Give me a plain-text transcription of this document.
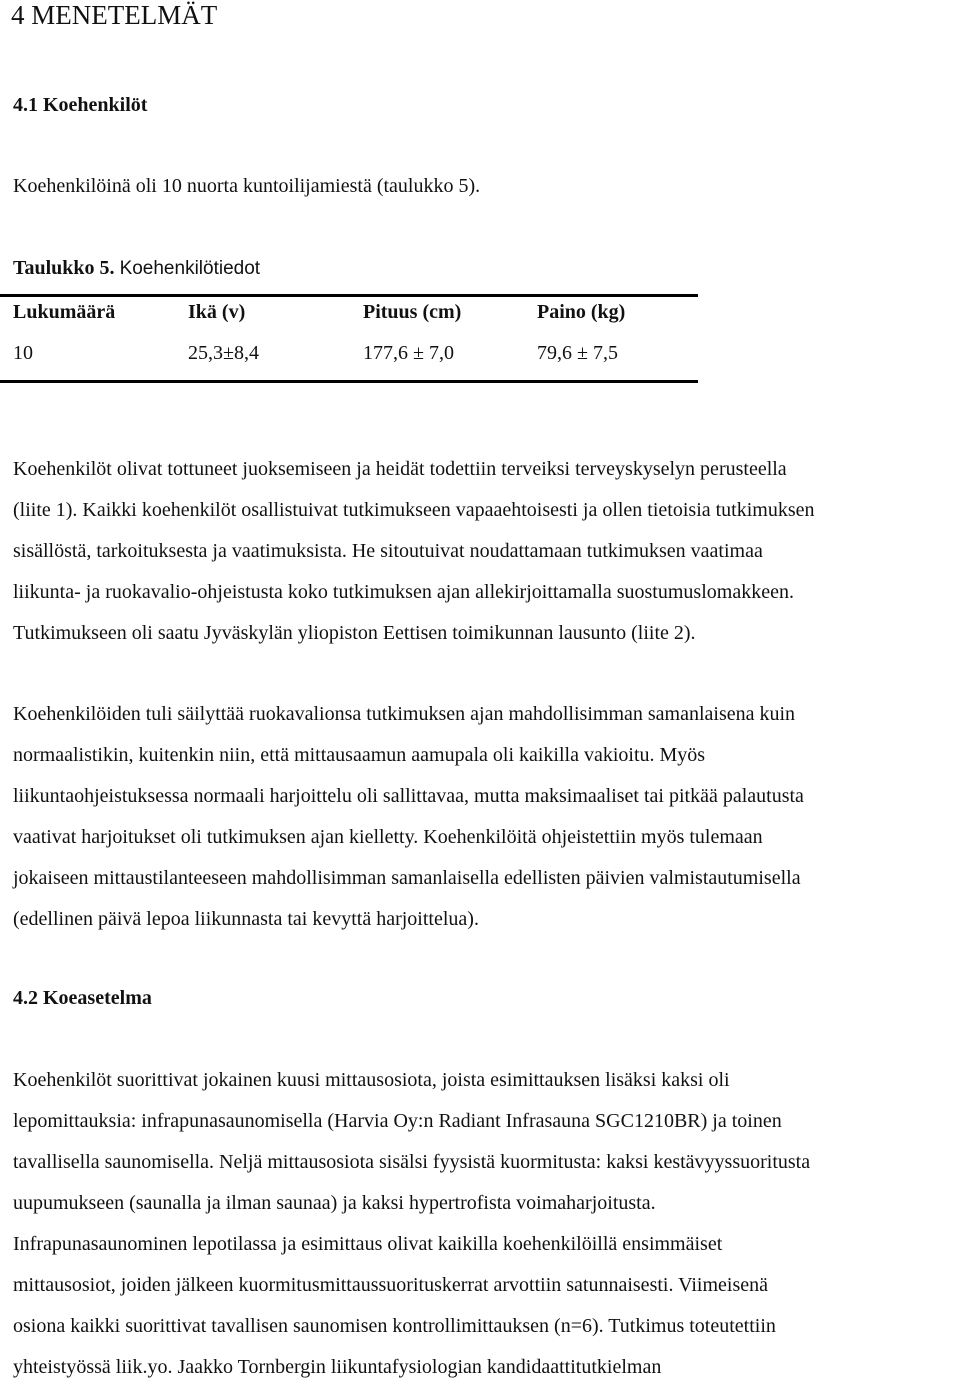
4 MENETELMÄT
4.1 Koehenkilöt

Koehenkilöinä oli 10 nuorta kuntoilijamiestä (taulukko 5).

Taulukko 5. Koehenkilötiedot
Lukumäärä	Ikä (v)	Pituus (cm)	Paino (kg)
10	25,3±8,4	177,6 ± 7,0	79,6 ± 7,5

Koehenkilöt olivat tottuneet juoksemiseen ja heidät todettiin terveiksi terveyskyselyn perusteella
(liite 1). Kaikki koehenkilöt osallistuivat tutkimukseen vapaaehtoisesti ja ollen tietoisia tutkimuksen
sisällöstä, tarkoituksesta ja vaatimuksista. He sitoutuivat noudattamaan tutkimuksen vaatimaa
liikunta- ja ruokavalio-ohjeistusta koko tutkimuksen ajan allekirjoittamalla suostumuslomakkeen.
Tutkimukseen oli saatu Jyväskylän yliopiston Eettisen toimikunnan lausunto (liite 2).

Koehenkilöiden tuli säilyttää ruokavalionsa tutkimuksen ajan mahdollisimman samanlaisena kuin
normaalistikin, kuitenkin niin, että mittausaamun aamupala oli kaikilla vakioitu. Myös
liikuntaohjeistuksessa normaali harjoittelu oli sallittavaa, mutta maksimaaliset tai pitkää palautusta
vaativat harjoitukset oli tutkimuksen ajan kielletty. Koehenkilöitä ohjeistettiin myös tulemaan
jokaiseen mittaustilanteeseen mahdollisimman samanlaisella edellisten päivien valmistautumisella
(edellinen päivä lepoa liikunnasta tai kevyttä harjoittelua).

4.2 Koeasetelma

Koehenkilöt suorittivat jokainen kuusi mittausosiota, joista esimittauksen lisäksi kaksi oli
lepomittauksia: infrapunasaunomisella (Harvia Oy:n Radiant Infrasauna SGC1210BR) ja toinen
tavallisella saunomisella. Neljä mittausosiota sisälsi fyysistä kuormitusta: kaksi kestävyyssuoritusta
uupumukseen (saunalla ja ilman saunaa) ja kaksi hypertrofista voimaharjoitusta.
Infrapunasaunominen lepotilassa ja esimittaus olivat kaikilla koehenkilöillä ensimmäiset
mittausosiot, joiden jälkeen kuormitusmittaussuorituskerrat arvottiin satunnaisesti. Viimeisenä
osiona kaikki suorittivat tavallisen saunomisen kontrollimittauksen (n=6). Tutkimus toteutettiin
yhteistyössä liik.yo. Jaakko Tornbergin liikuntafysiologian kandidaattitutkielman
